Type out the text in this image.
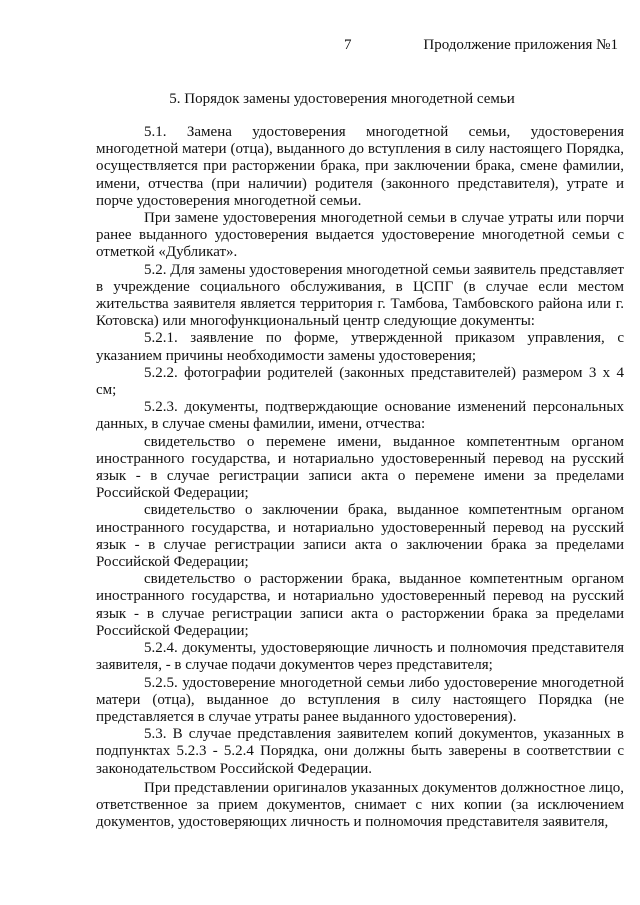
7	Продолжение приложения №1
5. Порядок замены удостоверения многодетной семьи

5.1. Замена удостоверения многодетной семьи, удостоверения многодетной матери (отца), выданного до вступления в силу настоящего Порядка, осуществляется при расторжении брака, при заключении брака, смене фамилии, имени, отчества (при наличии) родителя (законного представителя), утрате и порче удостоверения многодетной семьи.

При замене удостоверения многодетной семьи в случае утраты или порчи ранее выданного удостоверения выдается удостоверение многодетной семьи с отметкой «Дубликат».

5.2. Для замены удостоверения многодетной семьи заявитель представляет в учреждение социального обслуживания, в ЦСПГ (в случае если местом жительства заявителя является территория г. Тамбова, Тамбовского района или г. Котовска) или многофункциональный центр следующие документы:

5.2.1. заявление по форме, утвержденной приказом управления, с указанием причины необходимости замены удостоверения;

5.2.2. фотографии родителей (законных представителей) размером 3 х 4 см;

5.2.3. документы, подтверждающие основание изменений персональных данных, в случае смены фамилии, имени, отчества:

свидетельство о перемене имени, выданное компетентным органом иностранного государства, и нотариально удостоверенный перевод на русский язык - в случае регистрации записи акта о перемене имени за пределами Российской Федерации;

свидетельство о заключении брака, выданное компетентным органом иностранного государства, и нотариально удостоверенный перевод на русский язык - в случае регистрации записи акта о заключении брака за пределами Российской Федерации;

свидетельство о расторжении брака, выданное компетентным органом иностранного государства, и нотариально удостоверенный перевод на русский язык - в случае регистрации записи акта о расторжении брака за пределами Российской Федерации;

5.2.4. документы, удостоверяющие личность и полномочия представителя заявителя, - в случае подачи документов через представителя;

5.2.5. удостоверение многодетной семьи либо удостоверение многодетной матери (отца), выданное до вступления в силу настоящего Порядка (не представляется в случае утраты ранее выданного удостоверения).

5.3. В случае представления заявителем копий документов, указанных в подпунктах 5.2.3 - 5.2.4 Порядка, они должны быть заверены в соответствии с законодательством Российской Федерации.

При представлении оригиналов указанных документов должностное лицо, ответственное за прием документов, снимает с них копии (за исключением документов, удостоверяющих личность и полномочия представителя заявителя,
